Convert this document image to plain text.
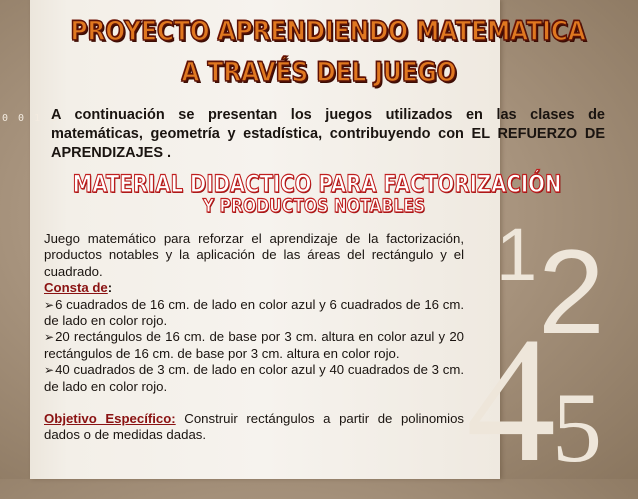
1 2
4
5
0 0 1 1
PROYECTO APRENDIENDO MATEMATICA
A TRAVÉS DEL JUEGO
A continuación se presentan los juegos utilizados en las clases de matemáticas, geometría y estadística, contribuyendo con EL REFUERZO DE APRENDIZAJES .
MATERIAL DIDACTICO PARA FACTORIZACIÓN
Y PRODUCTOS NOTABLES

Juego matemático para reforzar el aprendizaje de la factorización, productos notables y la aplicación de las áreas del rectángulo y el cuadrado.

Consta de:

➢6 cuadrados de 16 cm. de lado en color azul y 6 cuadrados de 16 cm. de lado en color rojo.

➢20 rectángulos de 16 cm. de base por 3 cm. altura en color azul y 20 rectángulos de 16 cm. de base por 3 cm. altura en color rojo.

➢40 cuadrados de 3 cm. de lado en color azul y 40 cuadrados de 3 cm. de lado en color rojo.

Objetivo Específico: Construir rectángulos a partir de polinomios dados o de medidas dadas.
